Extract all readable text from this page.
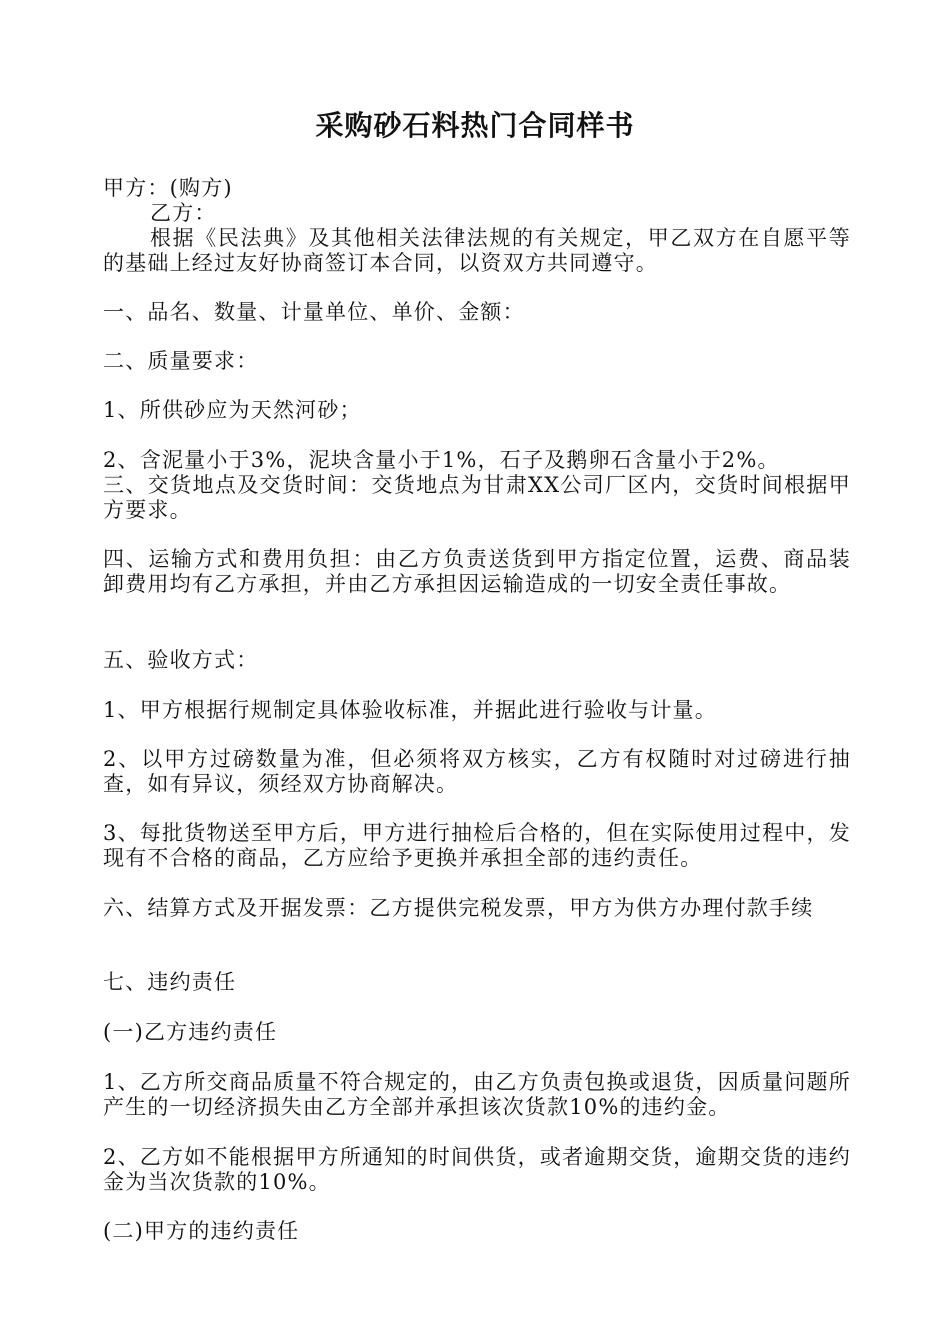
采购砂石料热门合同样书

甲方：(购方)

乙方：

根据《民法典》及其他相关法律法规的有关规定，甲乙双方在自愿平等的基础上经过友好协商签订本合同，以资双方共同遵守。

一、品名、数量、计量单位、单价、金额：

二、质量要求：

1、所供砂应为天然河砂；

2、含泥量小于3%，泥块含量小于1%，石子及鹅卵石含量小于2%。

三、交货地点及交货时间：交货地点为甘肃XX公司厂区内，交货时间根据甲方要求。

四、运输方式和费用负担：由乙方负责送货到甲方指定位置，运费、商品装卸费用均有乙方承担，并由乙方承担因运输造成的一切安全责任事故。

五、验收方式：

1、甲方根据行规制定具体验收标准，并据此进行验收与计量。

2、以甲方过磅数量为准，但必须将双方核实，乙方有权随时对过磅进行抽查，如有异议，须经双方协商解决。

3、每批货物送至甲方后，甲方进行抽检后合格的，但在实际使用过程中，发现有不合格的商品，乙方应给予更换并承担全部的违约责任。

六、结算方式及开据发票：乙方提供完税发票，甲方为供方办理付款手续

七、违约责任

(一)乙方违约责任

1、乙方所交商品质量不符合规定的，由乙方负责包换或退货，因质量问题所产生的一切经济损失由乙方全部并承担该次货款10%的违约金。

2、乙方如不能根据甲方所通知的时间供货，或者逾期交货，逾期交货的违约金为当次货款的10%。

(二)甲方的违约责任
